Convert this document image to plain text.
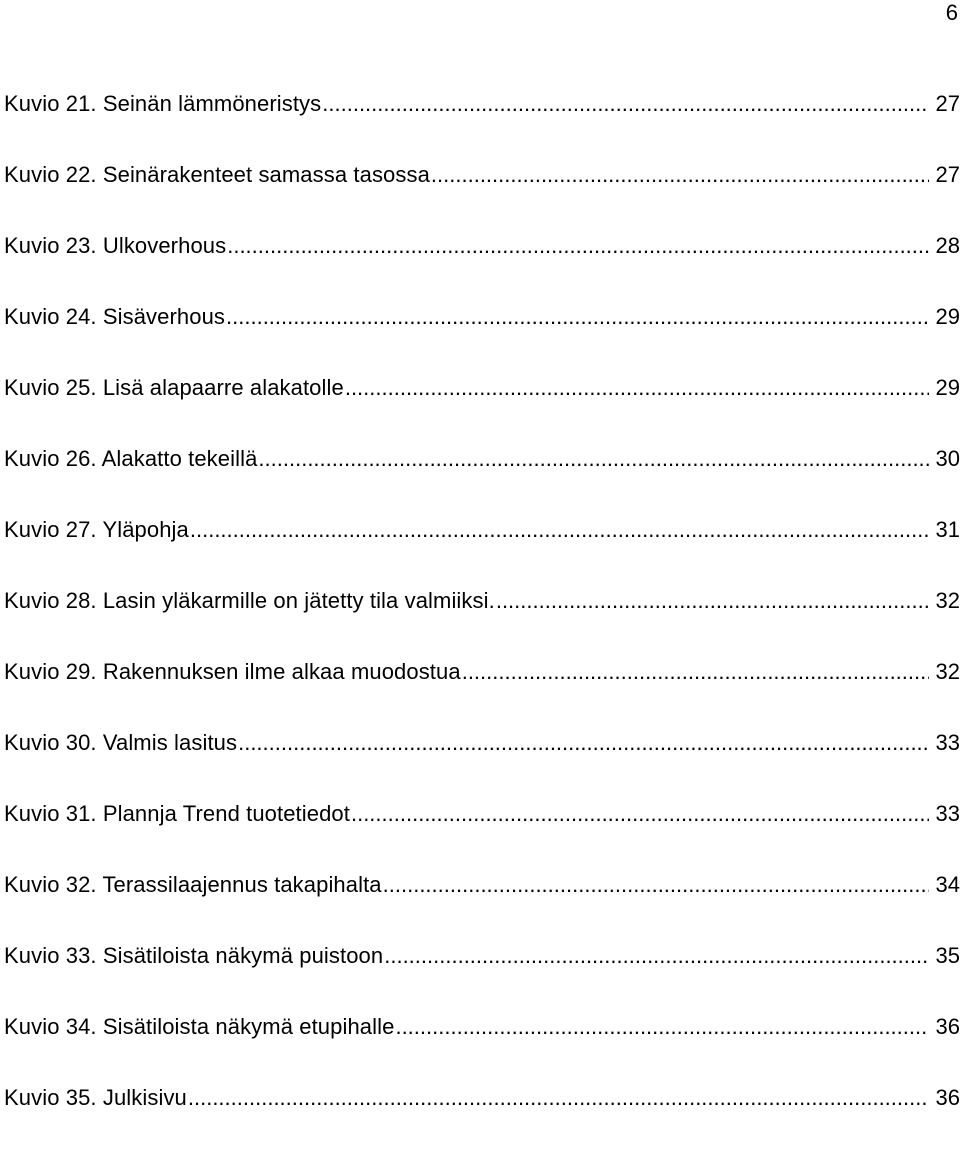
6
Kuvio 21. Seinän lämmöneristys .....	27
Kuvio 22. Seinärakenteet samassa tasossa .....	27
Kuvio 23. Ulkoverhous .....	28
Kuvio 24. Sisäverhous .....	29
Kuvio 25. Lisä alapaarre alakatolle .....	29
Kuvio 26. Alakatto tekeillä .....	30
Kuvio 27. Yläpohja .....	31
Kuvio 28. Lasin yläkarmille on jätetty tila valmiiksi. .....	32
Kuvio 29. Rakennuksen ilme alkaa muodostua .....	32
Kuvio 30. Valmis lasitus .....	33
Kuvio 31. Plannja Trend tuotetiedot .....	33
Kuvio 32. Terassilaajennus takapihalta .....	34
Kuvio 33. Sisätiloista näkymä puistoon .....	35
Kuvio 34. Sisätiloista näkymä etupihalle .....	36
Kuvio 35. Julkisivu .....	36
